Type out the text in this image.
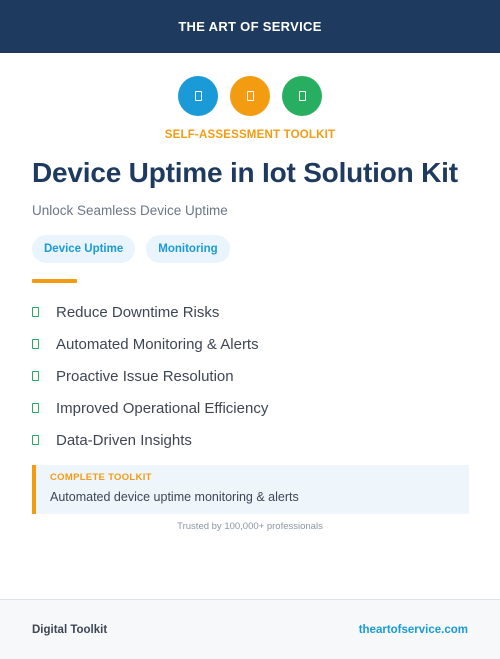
THE ART OF SERVICE
SELF-ASSESSMENT TOOLKIT
Device Uptime in Iot Solution Kit
Unlock Seamless Device Uptime
Device Uptime	Monitoring
Reduce Downtime Risks
Automated Monitoring & Alerts
Proactive Issue Resolution
Improved Operational Efficiency
Data-Driven Insights
COMPLETE TOOLKIT
Automated device uptime monitoring & alerts
Trusted by 100,000+ professionals
Digital Toolkit	theartofservice.com
